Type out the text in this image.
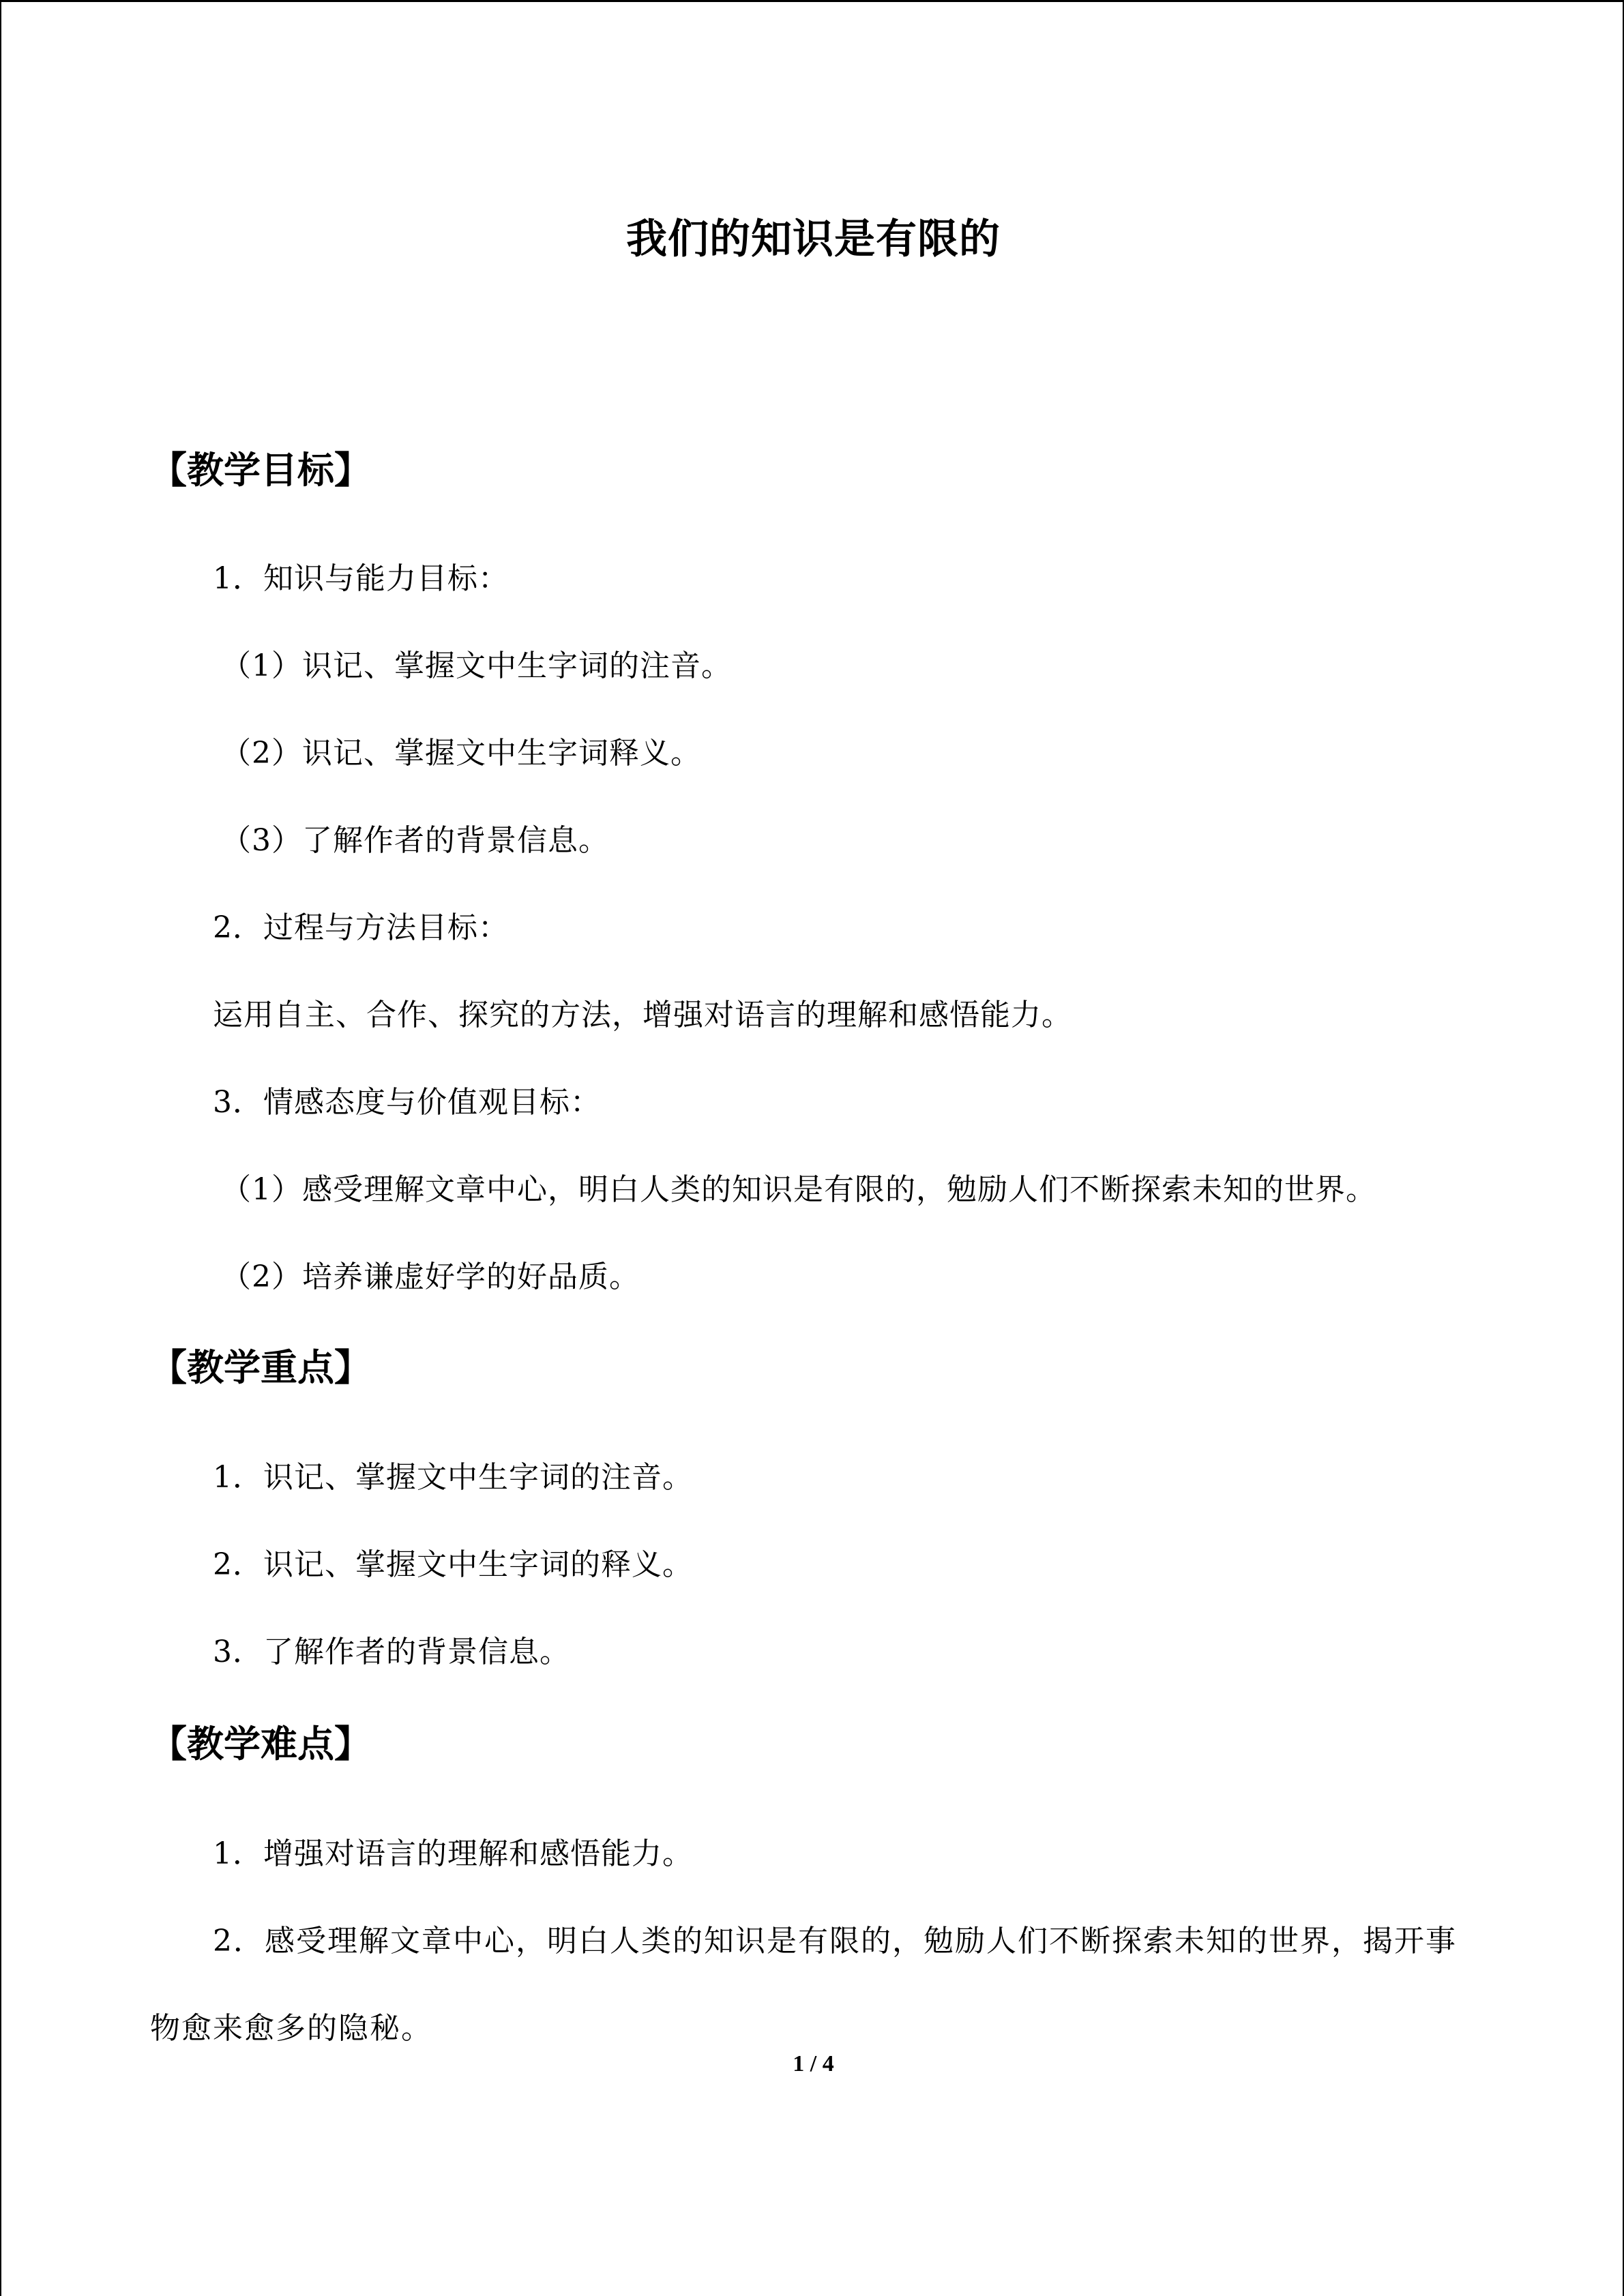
我们的知识是有限的
【教学目标】
1．知识与能力目标：
（1）识记、掌握文中生字词的注音。
（2）识记、掌握文中生字词释义。
（3）了解作者的背景信息。
2．过程与方法目标：
运用自主、合作、探究的方法，增强对语言的理解和感悟能力。
3．情感态度与价值观目标：
（1）感受理解文章中心，明白人类的知识是有限的，勉励人们不断探索未知的世界。
（2）培养谦虚好学的好品质。
【教学重点】
1．识记、掌握文中生字词的注音。
2．识记、掌握文中生字词的释义。
3．了解作者的背景信息。
【教学难点】
1．增强对语言的理解和感悟能力。
2．感受理解文章中心，明白人类的知识是有限的，勉励人们不断探索未知的世界，揭开事物愈来愈多的隐秘。
1 / 4
